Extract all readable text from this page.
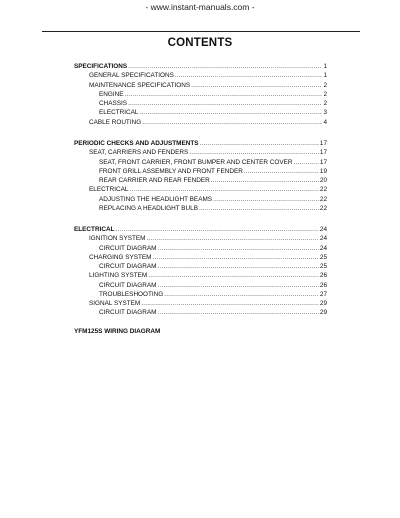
- www.instant-manuals.com -
CONTENTS
SPECIFICATIONS .....	1
GENERAL SPECIFICATIONS .....	1
MAINTENANCE SPECIFICATIONS .....	2
ENGINE .....	2
CHASSIS .....	2
ELECTRICAL .....	3
CABLE ROUTING .....	4
PERIODIC CHECKS AND ADJUSTMENTS .....	17
SEAT, CARRIERS AND FENDERS .....	17
SEAT, FRONT CARRIER, FRONT BUMPER AND CENTER COVER .....	17
FRONT GRILL ASSEMBLY AND FRONT FENDER .....	19
REAR CARRIER AND REAR FENDER .....	20
ELECTRICAL .....	22
ADJUSTING THE HEADLIGHT BEAMS .....	22
REPLACING A HEADLIGHT BULB .....	22
ELECTRICAL .....	24
IGNITION SYSTEM .....	24
CIRCUIT DIAGRAM .....	24
CHARGING SYSTEM .....	25
CIRCUIT DIAGRAM .....	25
LIGHTING SYSTEM .....	26
CIRCUIT DIAGRAM .....	26
TROUBLESHOOTING .....	27
SIGNAL SYSTEM .....	29
CIRCUIT DIAGRAM .....	29
YFM125S WIRING DIAGRAM
